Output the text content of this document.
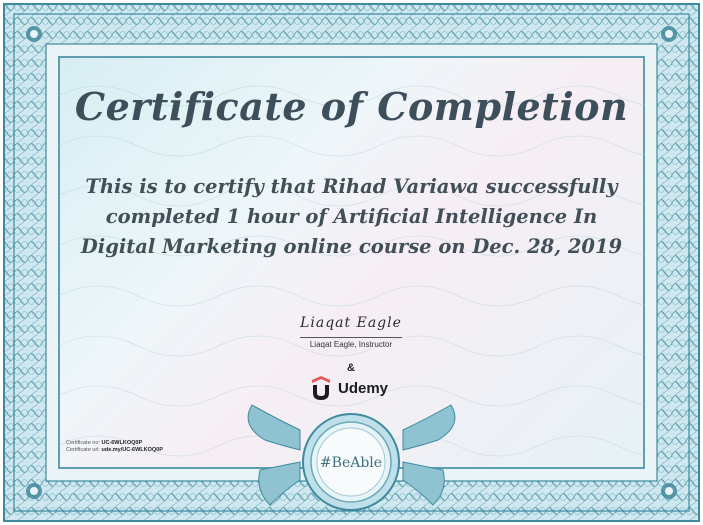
Certificate of Completion
This is to certify that Rihad Variawa successfully
completed 1 hour of Artificial Intelligence In
Digital Marketing online course on Dec. 28, 2019
Liaqat Eagle
Liaqat Eagle, Instructor
&
Udemy
Certificate no: UC-6WLKOQ0P
Certificate url: ude.my/UC-6WLKOQ0P
#BeAble
